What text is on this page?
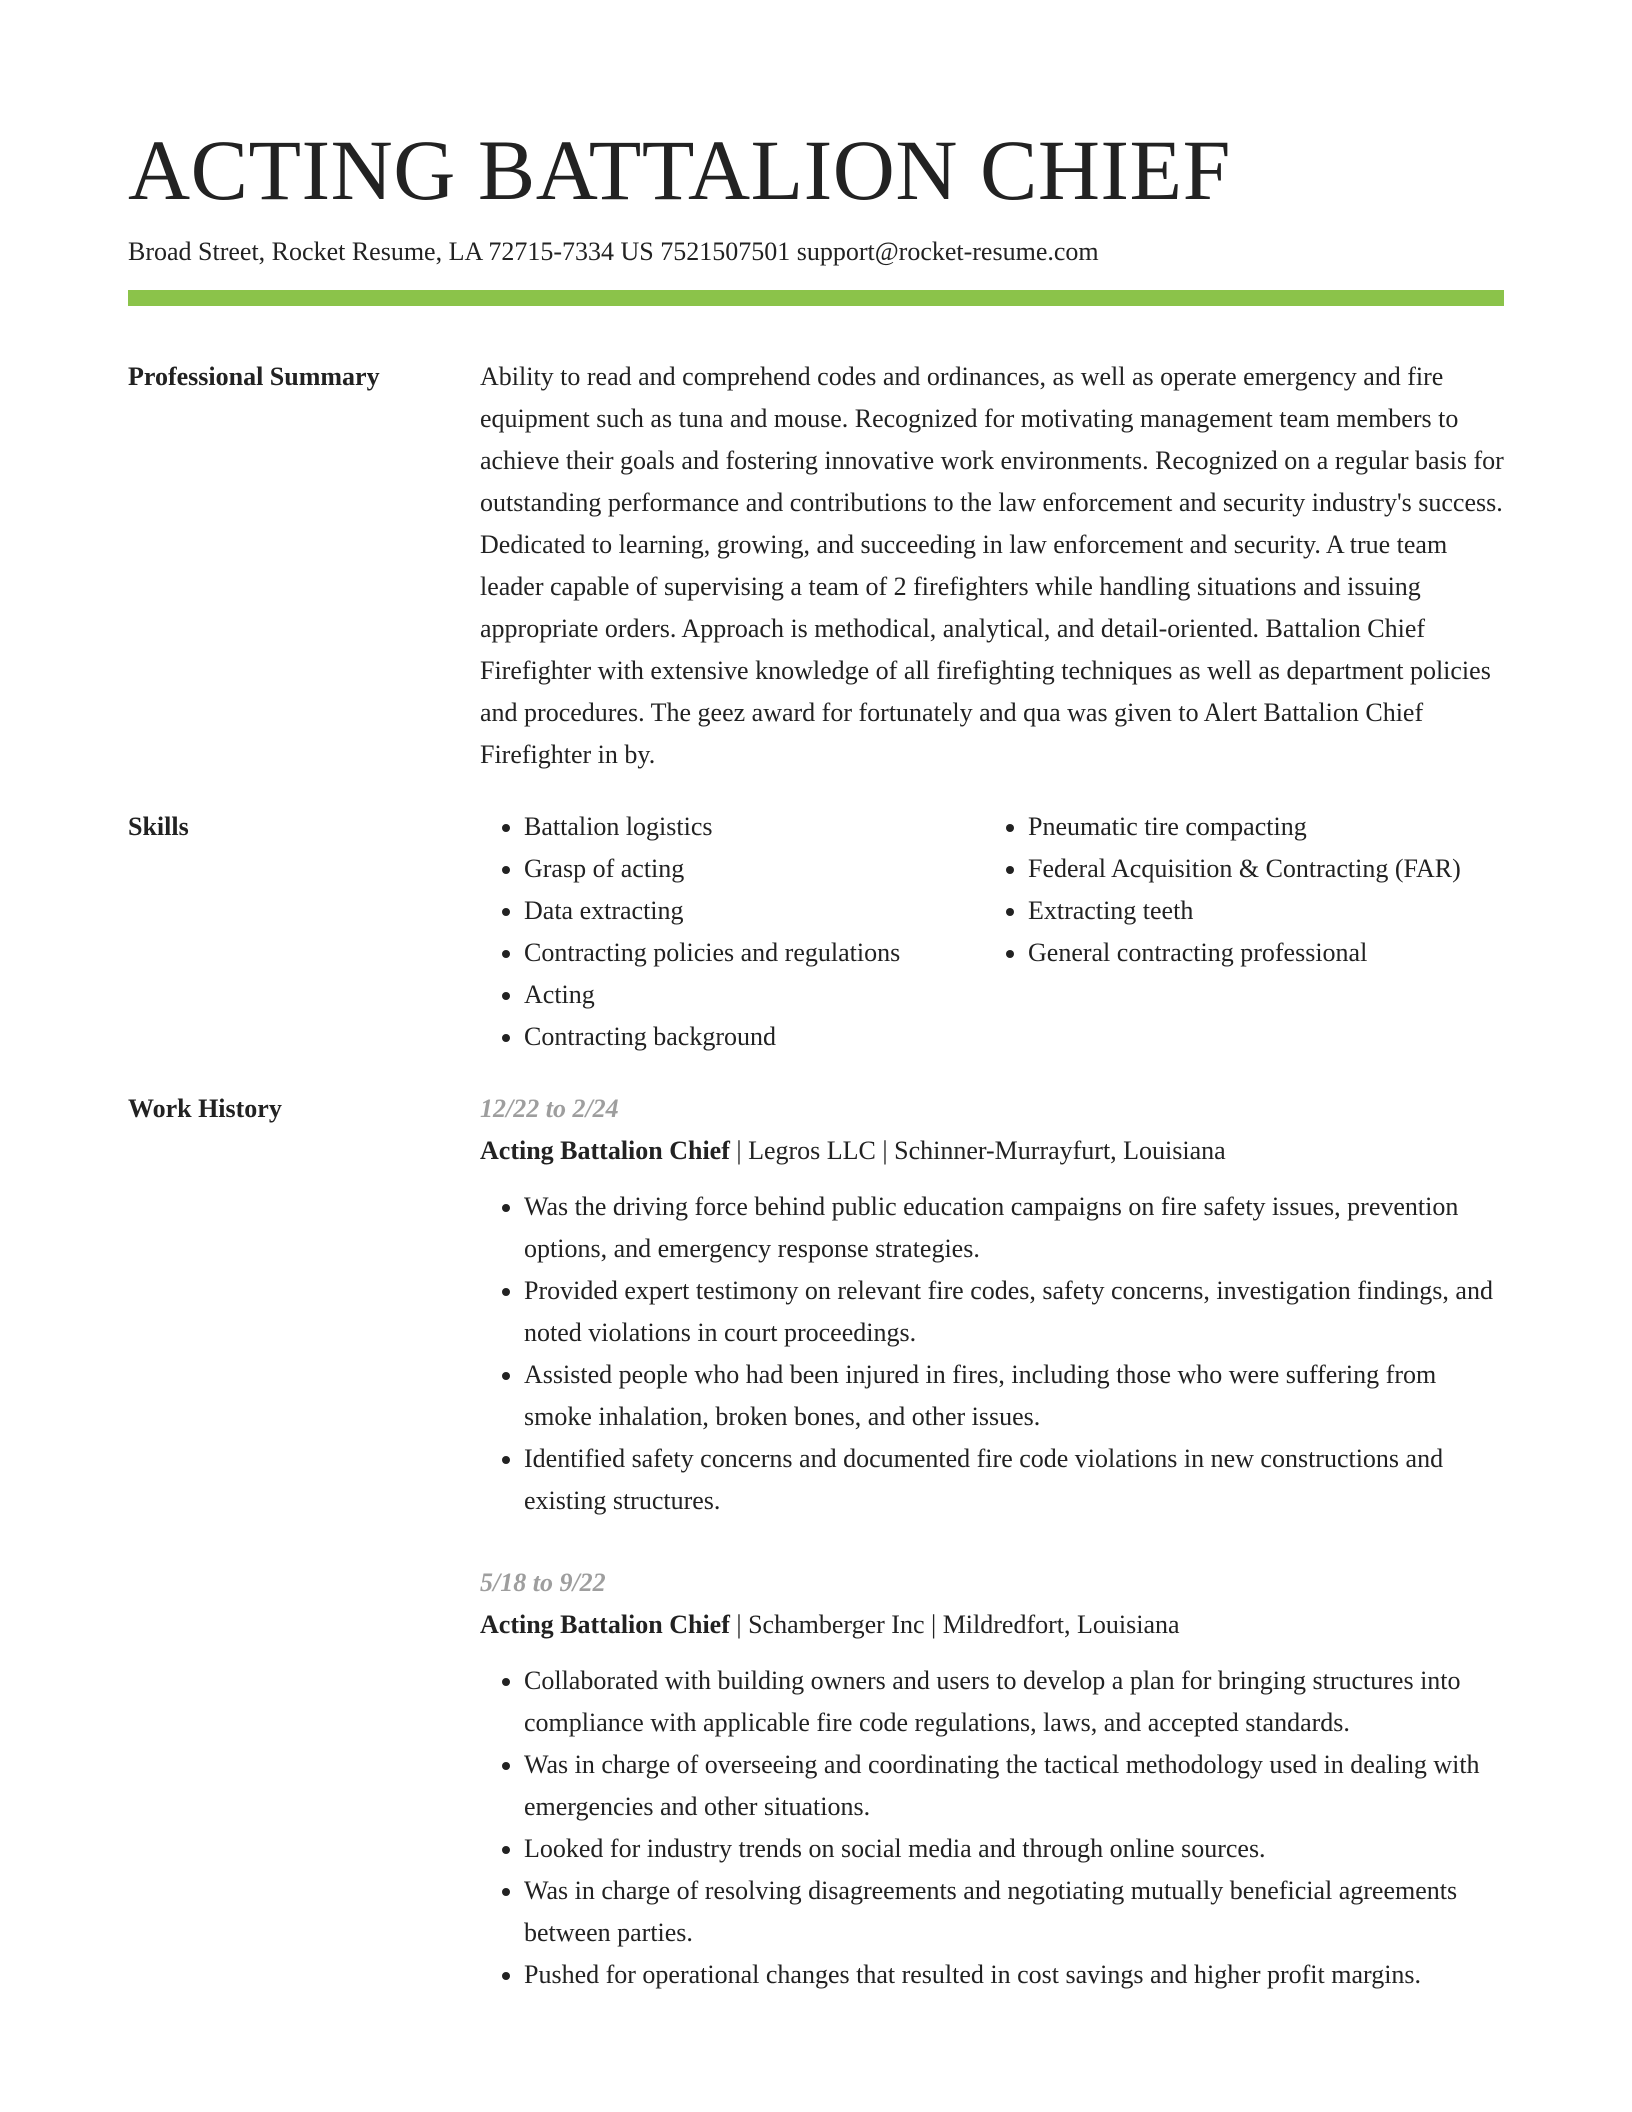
ACTING BATTALION CHIEF
Broad Street, Rocket Resume, LA 72715-7334 US 7521507501 support@rocket-resume.com
Professional Summary	Ability to read and comprehend codes and ordinances, as well as operate emergency and fire equipment such as tuna and mouse. Recognized for motivating management team members to achieve their goals and fostering innovative work environments. Recognized on a regular basis for outstanding performance and contributions to the law enforcement and security industry's success. Dedicated to learning, growing, and succeeding in law enforcement and security. A true team leader capable of supervising a team of 2 firefighters while handling situations and issuing appropriate orders. Approach is methodical, analytical, and detail-oriented. Battalion Chief Firefighter with extensive knowledge of all firefighting techniques as well as department policies and procedures. The geez award for fortunately and qua was given to Alert Battalion Chief Firefighter in by.
Skills
•	Battalion logistics
• Grasp of acting
• Data extracting
• Contracting policies and regulations
• Acting
• Contracting background
• Pneumatic tire compacting
• Federal Acquisition & Contracting (FAR)
• Extracting teeth
• General contracting professional
Work History	12/22 to 2/24
Acting Battalion Chief | Legros LLC | Schinner-Murrayfurt, Louisiana
• Was the driving force behind public education campaigns on fire safety issues, prevention options, and emergency response strategies.
• Provided expert testimony on relevant fire codes, safety concerns, investigation findings, and noted violations in court proceedings.
• Assisted people who had been injured in fires, including those who were suffering from smoke inhalation, broken bones, and other issues.
• Identified safety concerns and documented fire code violations in new constructions and existing structures.
5/18 to 9/22
Acting Battalion Chief | Schamberger Inc | Mildredfort, Louisiana
• Collaborated with building owners and users to develop a plan for bringing structures into compliance with applicable fire code regulations, laws, and accepted standards.
• Was in charge of overseeing and coordinating the tactical methodology used in dealing with emergencies and other situations.
• Looked for industry trends on social media and through online sources.
• Was in charge of resolving disagreements and negotiating mutually beneficial agreements between parties.
• Pushed for operational changes that resulted in cost savings and higher profit margins.
